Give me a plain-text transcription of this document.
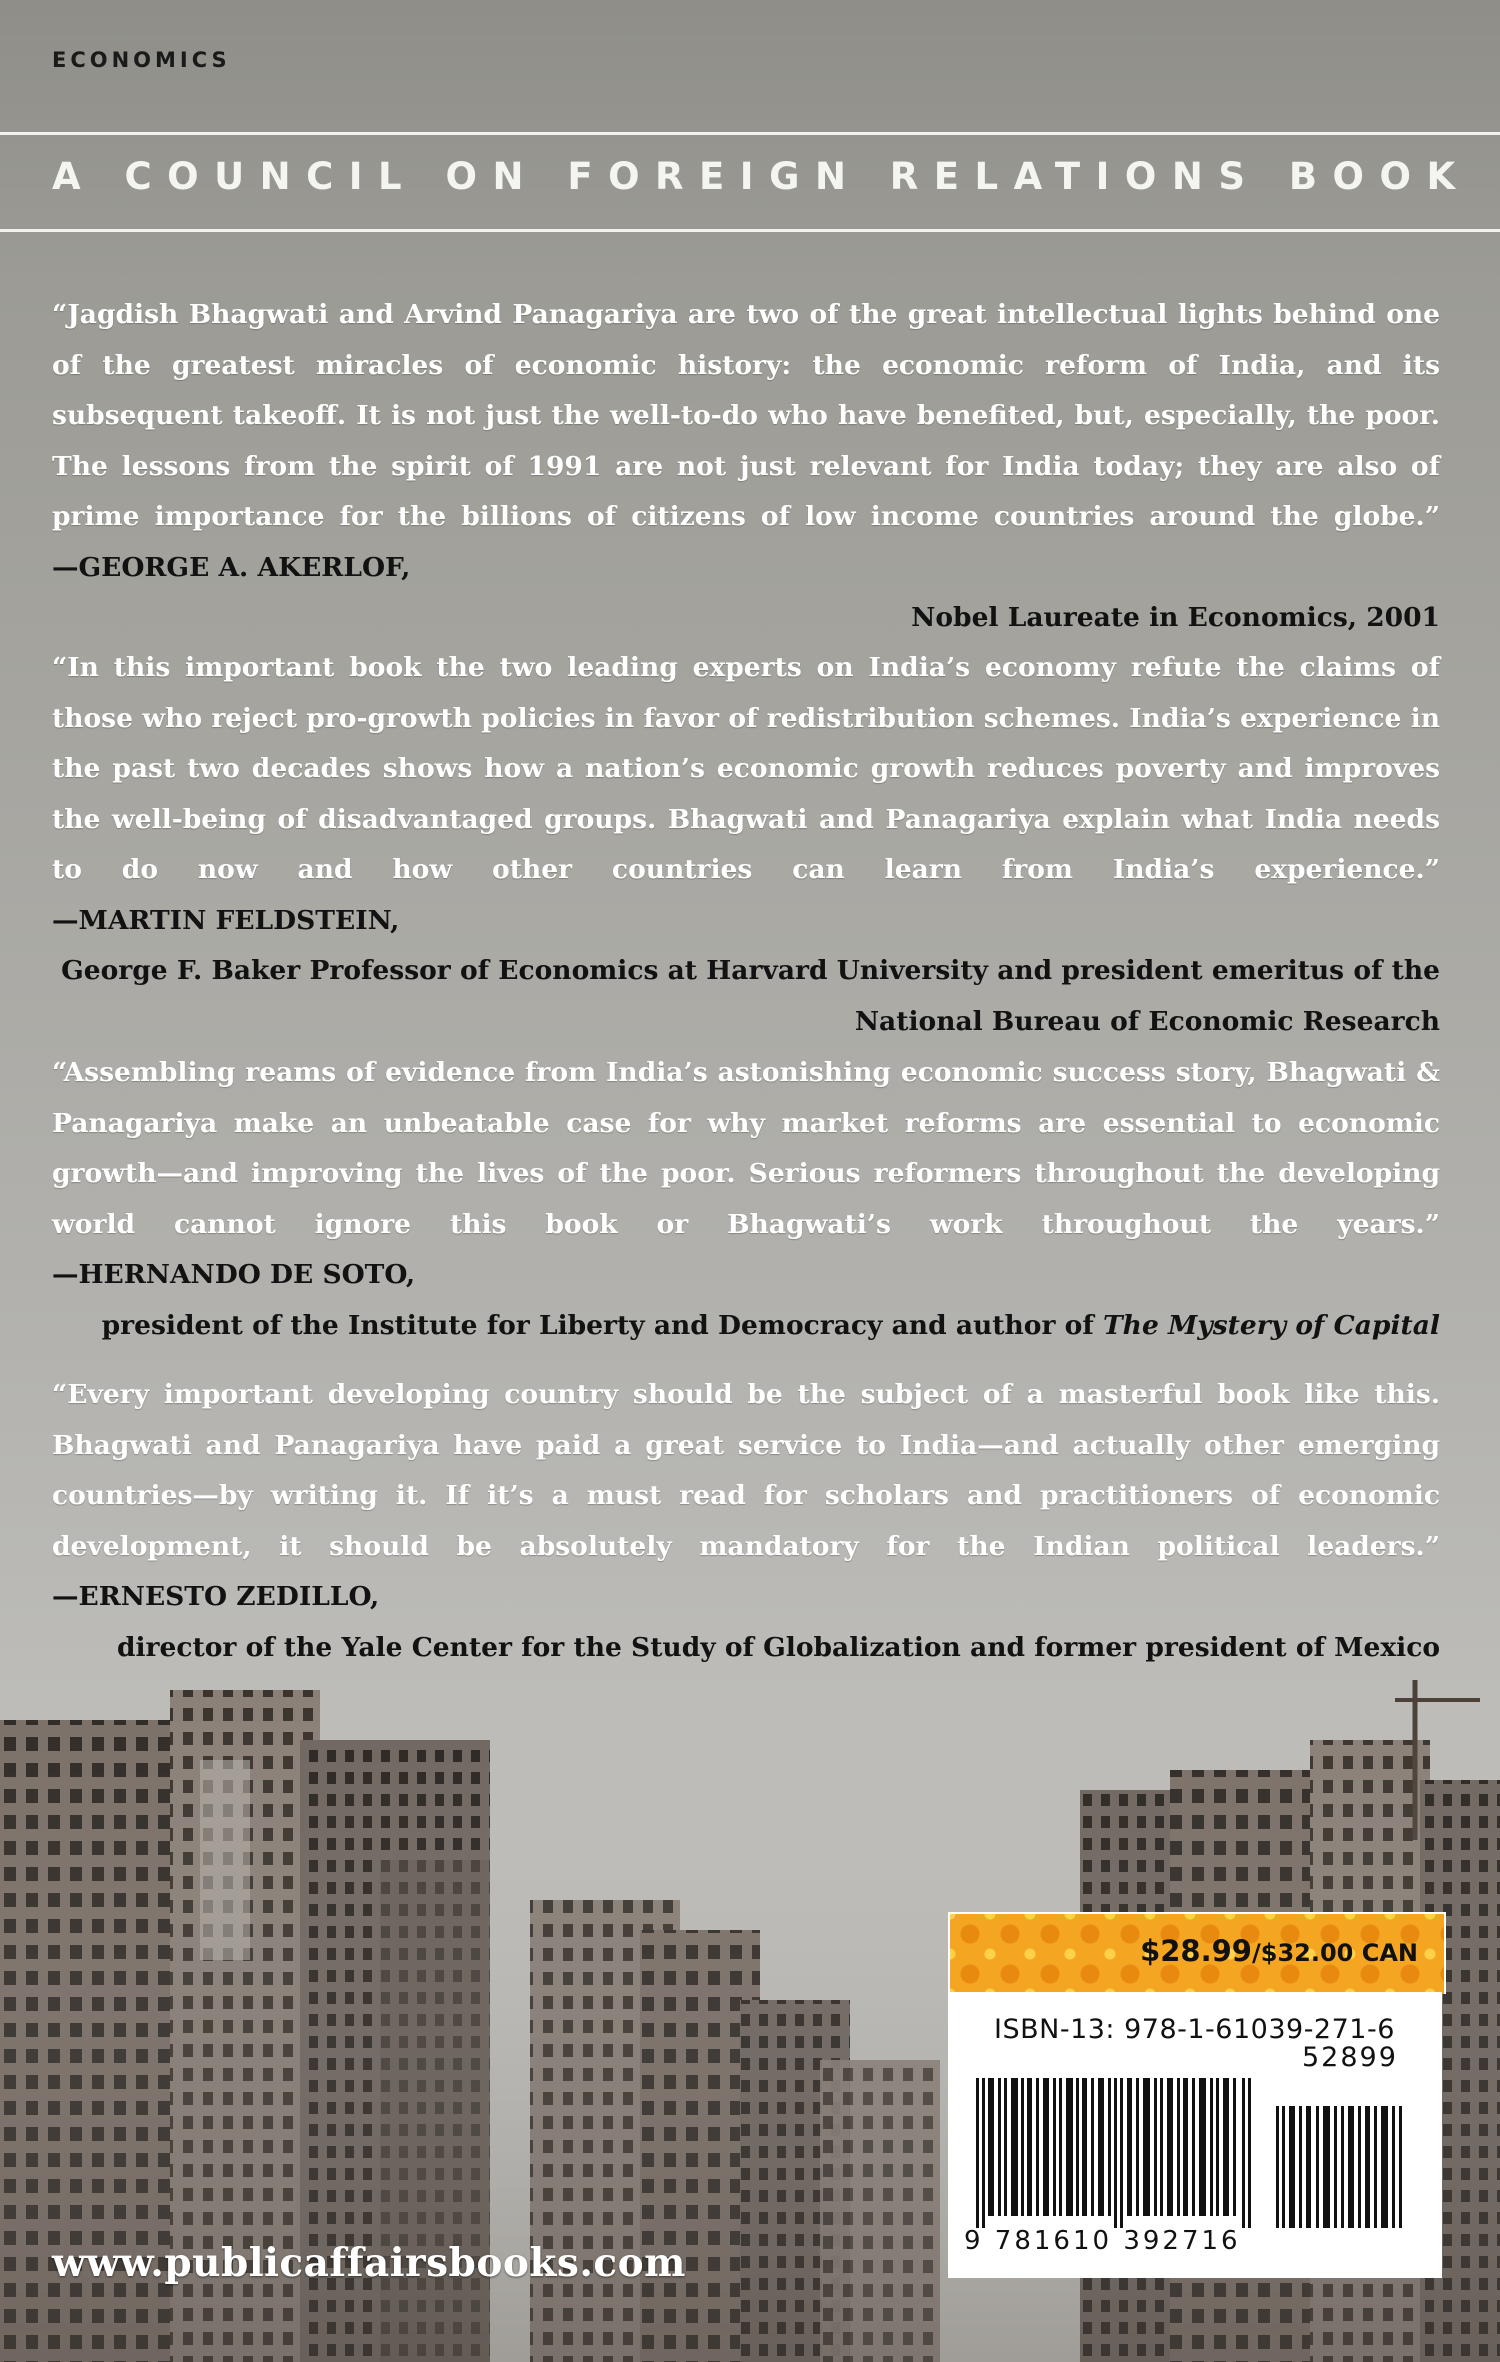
ECONOMICS
A COUNCIL ON FOREIGN RELATIONS BOOK
“Jagdish Bhagwati and Arvind Panagariya are two of the great intellectual lights behind one of the greatest miracles of economic history: the economic reform of India, and its subsequent takeoff. It is not just the well-to-do who have benefited, but, especially, the poor. The lessons from the spirit of 1991 are not just relevant for India today; they are also of prime importance for the billions of citizens of low income countries around the globe.” —GEORGE A. AKERLOF,
Nobel Laureate in Economics, 2001
“In this important book the two leading experts on India’s economy refute the claims of those who reject pro-growth policies in favor of redistribution schemes. India’s experience in the past two decades shows how a nation’s economic growth reduces poverty and improves the well-being of disadvantaged groups. Bhagwati and Panagariya explain what India needs to do now and how other countries can learn from India’s experience.” —MARTIN FELDSTEIN,
George F. Baker Professor of Economics at Harvard University and president emeritus of the National Bureau of Economic Research
“Assembling reams of evidence from India’s astonishing economic success story, Bhagwati & Panagariya make an unbeatable case for why market reforms are essential to economic growth—and improving the lives of the poor. Serious reformers throughout the developing world cannot ignore this book or Bhagwati’s work throughout the years.” —HERNANDO DE SOTO,
president of the Institute for Liberty and Democracy and author of The Mystery of Capital
“Every important developing country should be the subject of a masterful book like this. Bhagwati and Panagariya have paid a great service to India—and actually other emerging countries—by writing it. If it’s a must read for scholars and practitioners of economic development, it should be absolutely mandatory for the Indian political leaders.” —ERNESTO ZEDILLO,
director of the Yale Center for the Study of Globalization and former president of Mexico
www.publicaffairsbooks.com
$28.99/$32.00 CAN
ISBN-13: 978-1-61039-271-6
52899
9 781610 392716
